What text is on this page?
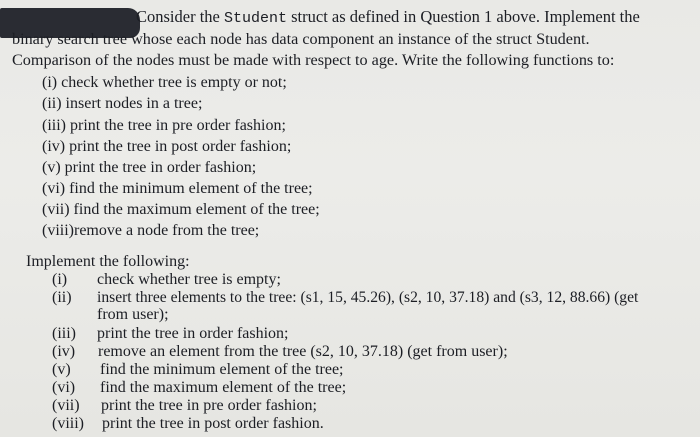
Consider the Student struct as defined in Question 1 above. Implement the
binary search tree whose each node has data component an instance of the struct Student.
Comparison of the nodes must be made with respect to age. Write the following functions to:
(i) check whether tree is empty or not;
(ii) insert nodes in a tree;
(iii) print the tree in pre order fashion;
(iv) print the tree in post order fashion;
(v) print the tree in order fashion;
(vi) find the minimum element of the tree;
(vii) find the maximum element of the tree;
(viii)remove a node from the tree;
Implement the following:
(i) check whether tree is empty;
(ii) insert three elements to the tree: (s1, 15, 45.26), (s2, 10, 37.18) and (s3, 12, 88.66) (get
from user);
(iii) print the tree in order fashion;
(iv) remove an element from the tree (s2, 10, 37.18) (get from user);
(v) find the minimum element of the tree;
(vi) find the maximum element of the tree;
(vii) print the tree in pre order fashion;
(viii) print the tree in post order fashion.
